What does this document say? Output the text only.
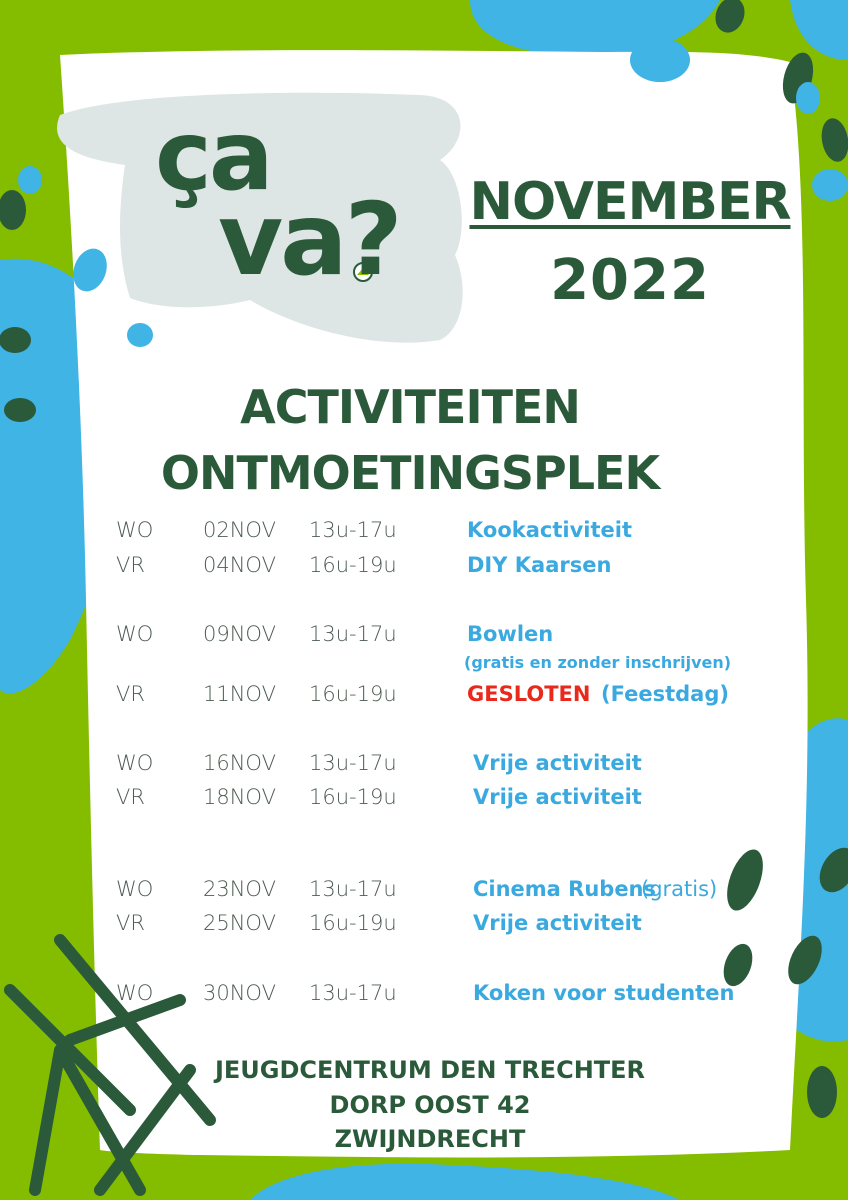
ça
va? NOVEMBER
2022
ACTIVITEITEN
ONTMOETINGSPLEK
WO 02NOV 13u-17u	Kookactiviteit
VR	04NOV 16u-19u	DIY Kaarsen
WO 09NOV 13u-17u	Bowlen
(gratis en zonder inschrijven)
VR	11NOV 16u-19u	GESLOTEN (Feestdag)
WO 16NOV 13u-17u	Vrije activiteit
VR	18NOV 16u-19u	Vrije activiteit
WO 23NOV 13u-17u	Cinema Rubens
(gratis)
VR	25NOV 16u-19u	Vrije activiteit
WO 30NOV 13u-17u	Koken voor studenten
JEUGDCENTRUM DEN TRECHTER
DORP OOST 42
ZWIJNDRECHT
